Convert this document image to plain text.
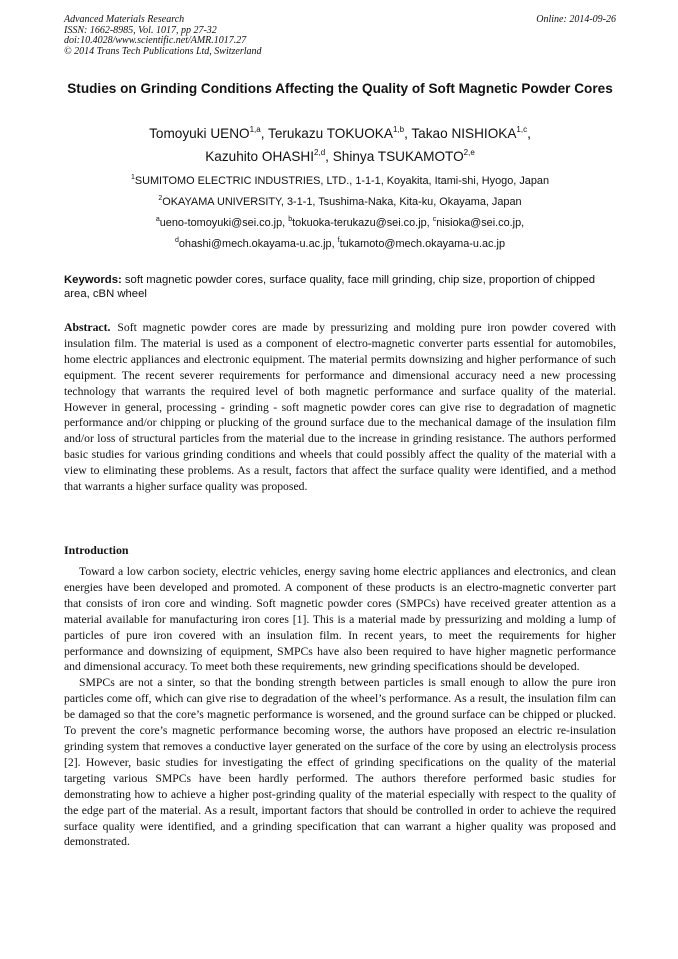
Advanced Materials Research
ISSN: 1662-8985, Vol. 1017, pp 27-32
doi:10.4028/www.scientific.net/AMR.1017.27
© 2014 Trans Tech Publications Ltd, Switzerland
Online: 2014-09-26
Studies on Grinding Conditions Affecting the Quality of Soft Magnetic Powder Cores
Tomoyuki UENO$^{1,a}$, Terukazu TOKUOKA$^{1,b}$, Takao NISHIOKA$^{1,c}$,
Kazuhito OHASHI$^{2,d}$, Shinya TSUKAMOTO$^{2,e}$
$^1$SUMITOMO ELECTRIC INDUSTRIES, LTD., 1-1-1, Koyakita, Itami-shi, Hyogo, Japan
$^2$OKAYAMA UNIVERSITY, 3-1-1, Tsushima-Naka, Kita-ku, Okayama, Japan
$^a$ueno-tomoyuki@sei.co.jp, $^b$tokuoka-terukazu@sei.co.jp, $^c$nisioka@sei.co.jp,
$^d$ohashi@mech.okayama-u.ac.jp, $^f$tukamoto@mech.okayama-u.ac.jp
Keywords: soft magnetic powder cores, surface quality, face mill grinding, chip size, proportion of chipped area, cBN wheel
Abstract. Soft magnetic powder cores are made by pressurizing and molding pure iron powder covered with insulation film. The material is used as a component of electro-magnetic converter parts essential for automobiles, home electric appliances and electronic equipment. The material permits downsizing and higher performance of such equipment. The recent severer requirements for performance and dimensional accuracy need a new processing technology that warrants the required level of both magnetic performance and surface quality of the material. However in general, processing - grinding - soft magnetic powder cores can give rise to degradation of magnetic performance and/or chipping or plucking of the ground surface due to the mechanical damage of the insulation film and/or loss of structural particles from the material due to the increase in grinding resistance. The authors performed basic studies for various grinding conditions and wheels that could possibly affect the quality of the material with a view to eliminating these problems. As a result, factors that affect the surface quality were identified, and a method that warrants a higher surface quality was proposed.
Introduction

Toward a low carbon society, electric vehicles, energy saving home electric appliances and electronics, and clean energies have been developed and promoted. A component of these products is an electro-magnetic converter part that consists of iron core and winding. Soft magnetic powder cores (SMPCs) have received greater attention as a material available for manufacturing iron cores [1]. This is a material made by pressurizing and molding a lump of particles of pure iron covered with an insulation film. In recent years, to meet the requirements for higher performance and downsizing of equipment, SMPCs have also been required to have higher magnetic performance and dimensional accuracy. To meet both these requirements, new grinding specifications should be developed.

SMPCs are not a sinter, so that the bonding strength between particles is small enough to allow the pure iron particles come off, which can give rise to degradation of the wheel’s performance. As a result, the insulation film can be damaged so that the core’s magnetic performance is worsened, and the ground surface can be chipped or plucked. To prevent the core’s magnetic performance becoming worse, the authors have proposed an electric re-insulation grinding system that removes a conductive layer generated on the surface of the core by using an electrolysis process [2]. However, basic studies for investigating the effect of grinding specifications on the quality of the material targeting various SMPCs have been hardly performed. The authors therefore performed basic studies for demonstrating how to achieve a higher post-grinding quality of the material especially with respect to the quality of the edge part of the material. As a result, important factors that should be controlled in order to achieve the required surface quality were identified, and a grinding specification that can warrant a higher quality was proposed and demonstrated.
